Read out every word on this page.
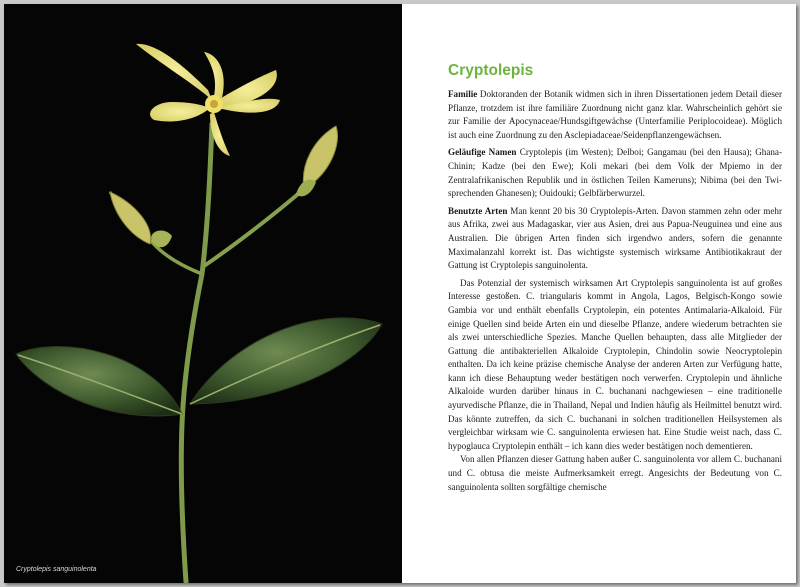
Cryptolepis sanguinolenta
Cryptolepis

Familie Doktoranden der Botanik widmen sich in ihren Dissertationen jedem Detail dieser Pflanze, trotzdem ist ihre familiäre Zuordnung nicht ganz klar. Wahrscheinlich gehört sie zur Familie der Apocynaceae/Hundsgiftgewächse (Unterfamilie Periplocoideae). Möglich ist auch eine Zuordnung zu den Asclepiadaceae/Seidenpflanzengewächsen.

Geläufige Namen Cryptolepis (im Westen); Delboi; Gangamau (bei den Hausa); Ghana-Chinin; Kadze (bei den Ewe); Koli mekari (bei dem Volk der Mpiemo in der Zentralafrikanischen Republik und in östlichen Teilen Kameruns); Nibima (bei den Twi-sprechenden Ghanesen); Ouidouki; Gelbfärberwurzel.

Benutzte Arten Man kennt 20 bis 30 Cryptolepis-Arten. Davon stammen zehn oder mehr aus Afrika, zwei aus Madagaskar, vier aus Asien, drei aus Papua-Neuguinea und eine aus Australien. Die übrigen Arten finden sich irgendwo anders, sofern die genannte Maximalanzahl korrekt ist. Das wichtigste systemisch wirksame Antibiotikakraut der Gattung ist Cryptolepis sanguinolenta.

Das Potenzial der systemisch wirksamen Art Cryptolepis sanguinolenta ist auf großes Interesse gestoßen. C. triangularis kommt in Angola, Lagos, Belgisch-Kongo sowie Gambia vor und enthält ebenfalls Cryptolepin, ein potentes Antimalaria-Alkaloid. Für einige Quellen sind beide Arten ein und dieselbe Pflanze, andere wiederum betrachten sie als zwei unterschiedliche Spezies. Manche Quellen behaupten, dass alle Mitglieder der Gattung die antibakteriellen Alkaloide Cryptolepin, Chindolin sowie Neocryptolepin enthalten. Da ich keine präzise chemische Analyse der anderen Arten zur Verfügung hatte, kann ich diese Behauptung weder bestätigen noch verwerfen. Cryptolepin und ähnliche Alkaloide wurden darüber hinaus in C. buchanani nachgewiesen – eine traditionelle ayurvedische Pflanze, die in Thailand, Nepal und Indien häufig als Heilmittel benutzt wird. Das könnte zutreffen, da sich C. buchanani in solchen traditionellen Heilsystemen als vergleichbar wirksam wie C. sanguinolenta erwiesen hat. Eine Studie weist nach, dass C. hypoglauca Cryptolepin enthält – ich kann dies weder bestätigen noch dementieren.

Von allen Pflanzen dieser Gattung haben außer C. sanguinolenta vor allem C. buchanani und C. obtusa die meiste Aufmerksamkeit erregt. Angesichts der Bedeutung von C. sanguinolenta sollten sorgfältige chemische
